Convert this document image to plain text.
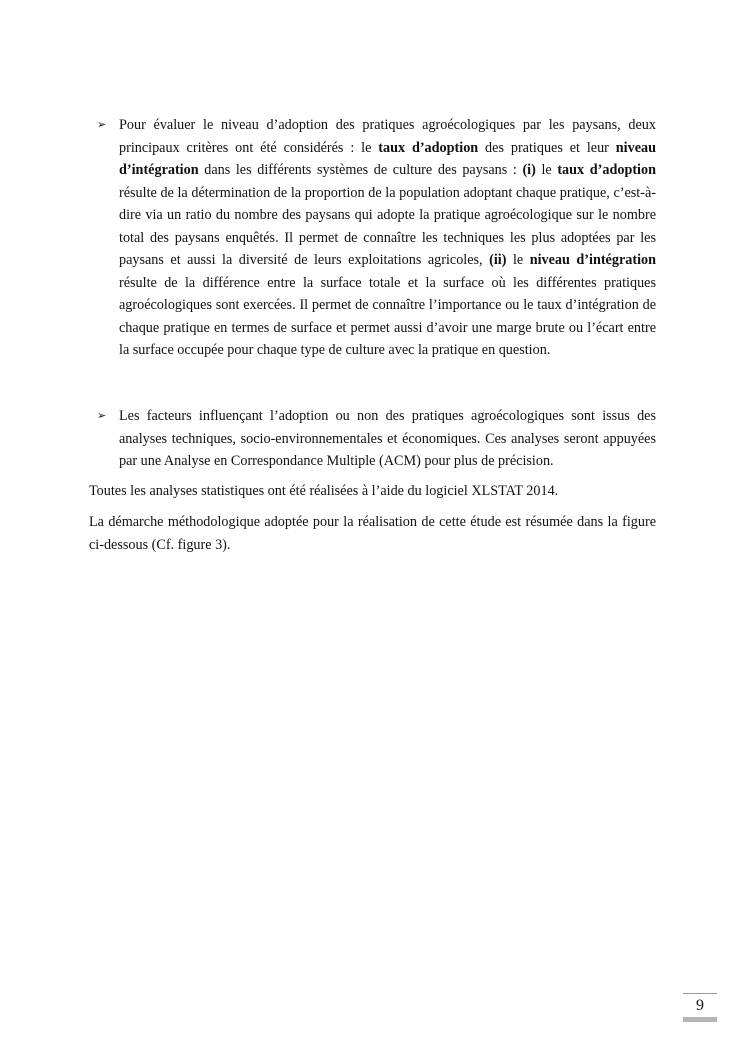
➢ Pour évaluer le niveau d’adoption des pratiques agroécologiques par les paysans, deux principaux critères ont été considérés : le taux d’adoption des pratiques et leur niveau d’intégration dans les différents systèmes de culture des paysans : (i) le taux d’adoption résulte de la détermination de la proportion de la population adoptant chaque pratique, c’est-à-dire via un ratio du nombre des paysans qui adopte la pratique agroécologique sur le nombre total des paysans enquêtés. Il permet de connaître les techniques les plus adoptées par les paysans et aussi la diversité de leurs exploitations agricoles, (ii) le niveau d’intégration résulte de la différence entre la surface totale et la surface où les différentes pratiques agroécologiques sont exercées. Il permet de connaître l’importance ou le taux d’intégration de chaque pratique en termes de surface et permet aussi d’avoir une marge brute ou l’écart entre la surface occupée pour chaque type de culture avec la pratique en question.

➢ Les facteurs influençant l’adoption ou non des pratiques agroécologiques sont issus des analyses techniques, socio-environnementales et économiques. Ces analyses seront appuyées par une Analyse en Correspondance Multiple (ACM) pour plus de précision.

Toutes les analyses statistiques ont été réalisées à l’aide du logiciel XLSTAT 2014.

La démarche méthodologique adoptée pour la réalisation de cette étude est résumée dans la figure ci-dessous (Cf. figure 3).

9
